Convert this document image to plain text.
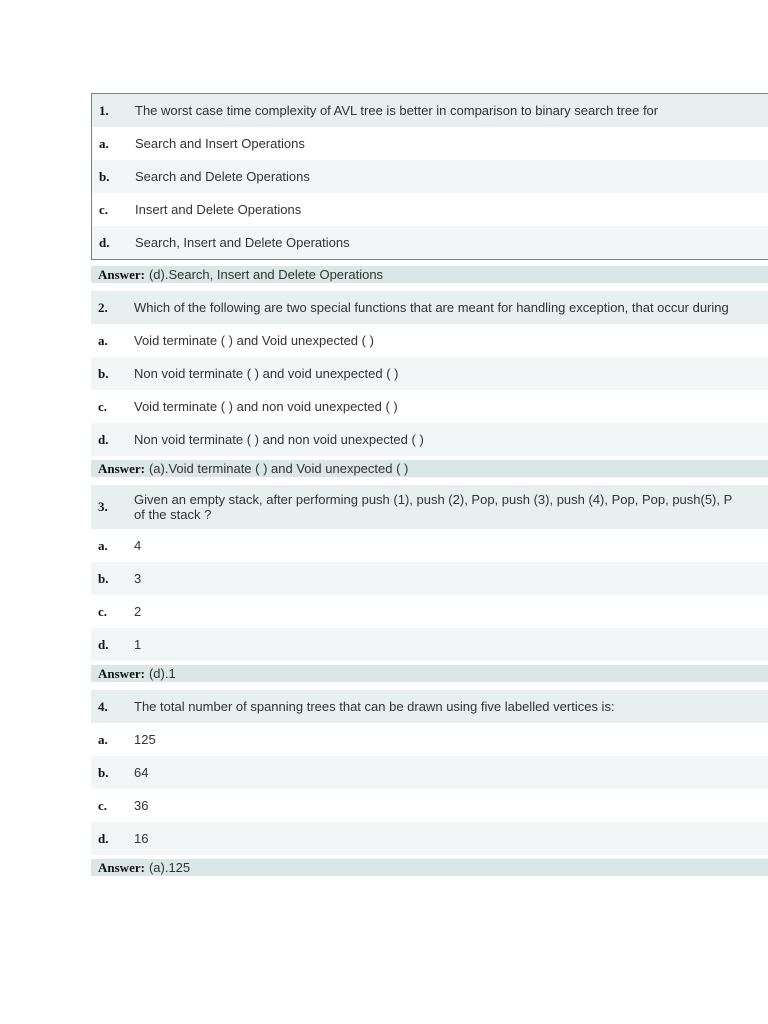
1.	The worst case time complexity of AVL tree is better in comparison to binary search tree for
a.	Search and Insert Operations
b.	Search and Delete Operations
c.	Insert and Delete Operations
d.	Search, Insert and Delete Operations
Answer: (d).Search, Insert and Delete Operations
2.	Which of the following are two special functions that are meant for handling exception, that occur during
a.	Void terminate ( ) and Void unexpected ( )
b.	Non void terminate ( ) and void unexpected ( )
c.	Void terminate ( ) and non void unexpected ( )
d.	Non void terminate ( ) and non void unexpected ( )
Answer: (a).Void terminate ( ) and Void unexpected ( )
3.	Given an empty stack, after performing push (1), push (2), Pop, push (3), push (4), Pop, Pop, push(5), P
of the stack ?
a.	4
b.	3
c.	2
d.	1
Answer: (d).1
4.	The total number of spanning trees that can be drawn using five labelled vertices is:
a.	125
b.	64
c.	36
d.	16
Answer: (a).125
